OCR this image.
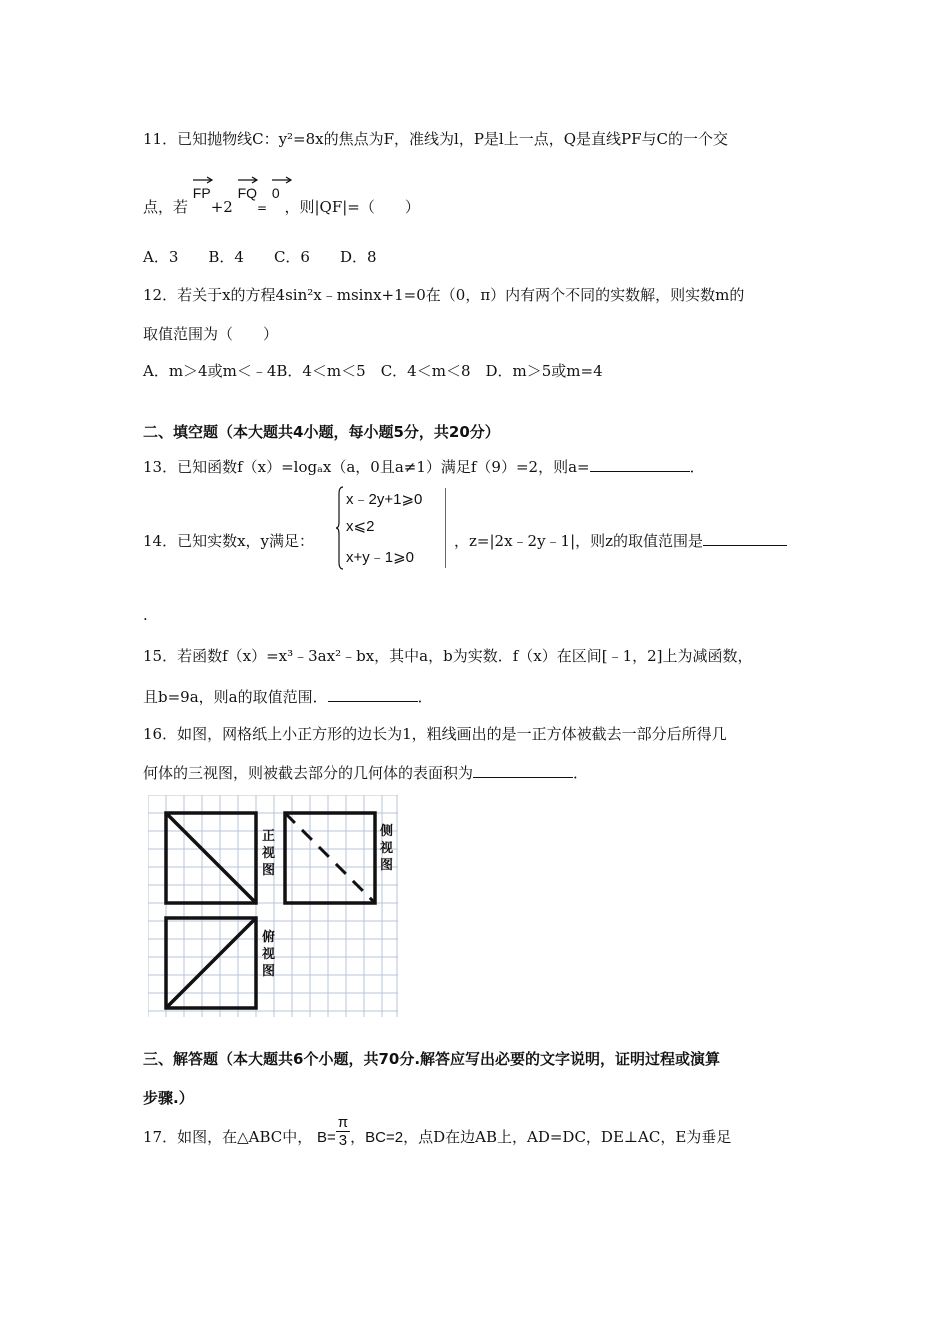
11．已知抛物线C：y²=8x的焦点为F，准线为l，P是l上一点，Q是直线PF与C的一个交
点，若
FP+2
FQ=
0 ，则|QF|=（　　）
A．3　　B．4　　C．6　　D．8
12．若关于x的方程4sin²x﹣msinx+1=0在（0，π）内有两个不同的实数解，则实数m的
取值范围为（　　）
A．m＞4或m＜﹣4B．4＜m＜5　C．4＜m＜8　D．m＞5或m=4
二、填空题（本大题共4小题，每小题5分，共20分）
13．已知函数f（x）=logₐx（a，0且a≠1）满足f（9）=2，则a=	．
14．已知实数x，y满足：
x﹣2y+1⩾0
x⩽2
x+y﹣1⩾0
，z=|2x﹣2y﹣1|，则z的取值范围是
.
15．若函数f（x）=x³﹣3ax²﹣bx，其中a，b为实数．f（x）在区间[﹣1，2]上为减函数，
且b=9a，则a的取值范围．	．
16．如图，网格纸上小正方形的边长为1，粗线画出的是一正方体被截去一部分后所得几
何体的三视图，则被截去部分的几何体的表面积为	．
正
视
图
侧
视
图
俯
视
图
三、解答题（本大题共6个小题，共70分.解答应写出必要的文字说明，证明过程或演算
步骤.）
17．如图，在△ABC中， $B= \frac{\pi}{3}$ ，BC=2，点D在边AB上，AD=DC，DE⊥AC，E为垂足
